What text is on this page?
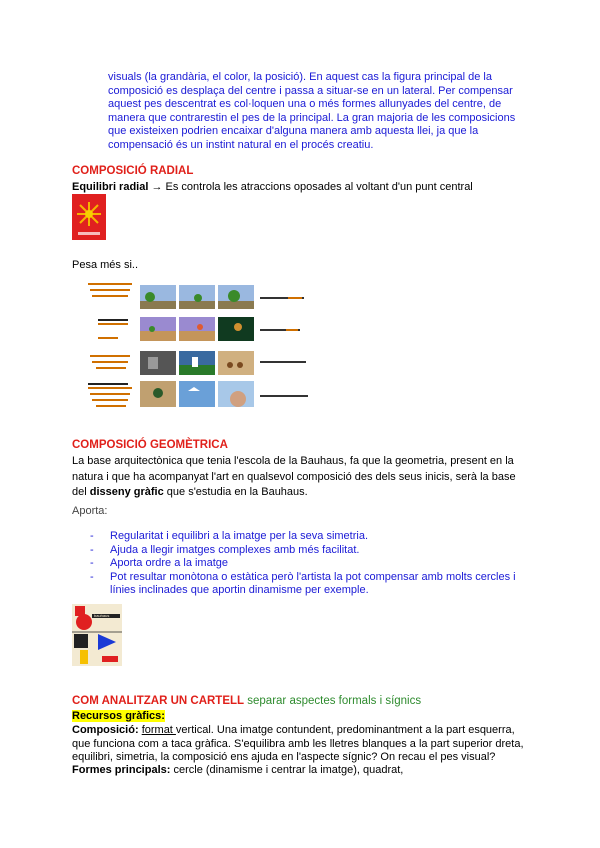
visuals (la grandària, el color, la posició). En aquest cas la figura principal de la composició es desplaça del centre i passa a situar-se en un lateral. Per compensar aquest pes descentrat es col·loquen una o més formes allunyades del centre, de manera que contrarestin el pes de la principal. La gran majoria de les composicions que existeixen podrien encaixar d'alguna manera amb aquesta llei, ja que la compensació és un instint natural en el procés creatiu.

COMPOSICIÓ RADIAL

Equilibri radial → Es controla les atraccions oposades al voltant d'un punt central

Pesa més si..

COMPOSICIÓ GEOMÈTRICA

La base arquitectònica que tenia l'escola de la Bauhaus, fa que la geometria, present en la natura i que ha acompanyat l'art en qualsevol composició des dels seus inicis, serà la base del disseny gràfic que s'estudia en la Bauhaus.

Aporta:

- Regularitat i equilibri a la imatge per la seva simetria.
- Ajuda a llegir imatges complexes amb més facilitat.
- Aporta ordre a la imatge
- Pot resultar monòtona o estàtica però l'artista la pot compensar amb molts cercles i línies inclinades que aportin dinamisme per exemple.
bauhaus
COM ANALITZAR UN CARTELL separar aspectes formals i sígnics
Recursos gràfics:

Composició: format vertical. Una imatge contundent, predominantment a la part esquerra, que funciona com a taca gràfica. S'equilibra amb les lletres blanques a la part superior dreta, equilibri, simetria, la composició ens ajuda en l'aspecte sígnic? On recau el pes visual?

Formes principals: cercle (dinamisme i centrar la imatge), quadrat,
